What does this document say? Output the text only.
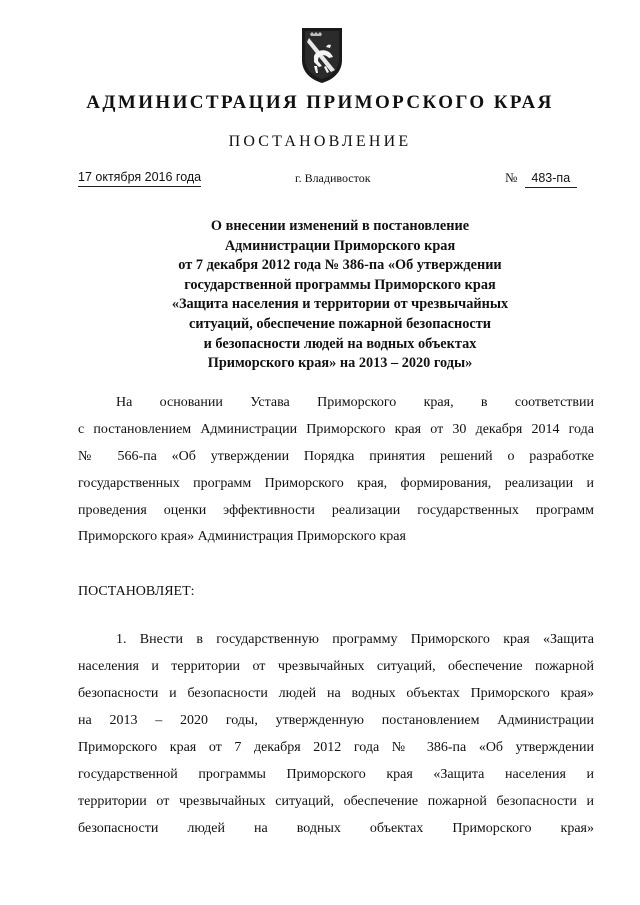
АДМИНИСТРАЦИЯ ПРИМОРСКОГО КРАЯ
ПОСТАНОВЛЕНИЕ
17 октября 2016 года	г. Владивосток	№ 483-па
О внесении изменений в постановление
Администрации Приморского края
от 7 декабря 2012 года № 386-па «Об утверждении
государственной программы Приморского края
«Защита населения и территории от чрезвычайных
ситуаций, обеспечение пожарной безопасности
и безопасности людей на водных объектах
Приморского края» на 2013 – 2020 годы»
На основании Устава Приморского края, в соответствии
с постановлением Администрации Приморского края от 30 декабря 2014 года
№ 566-па «Об утверждении Порядка принятия решений о разработке
государственных программ Приморского края, формирования, реализации и
проведения оценки эффективности реализации государственных программ
Приморского края» Администрация Приморского края
ПОСТАНОВЛЯЕТ:
1. Внести в государственную программу Приморского края «Защита
населения и территории от чрезвычайных ситуаций, обеспечение пожарной
безопасности и безопасности людей на водных объектах Приморского края»
на 2013 – 2020 годы, утвержденную постановлением Администрации
Приморского края от 7 декабря 2012 года № 386-па «Об утверждении
государственной программы Приморского края «Защита населения и
территории от чрезвычайных ситуаций, обеспечение пожарной безопасности и
безопасности людей на водных объектах Приморского края»
